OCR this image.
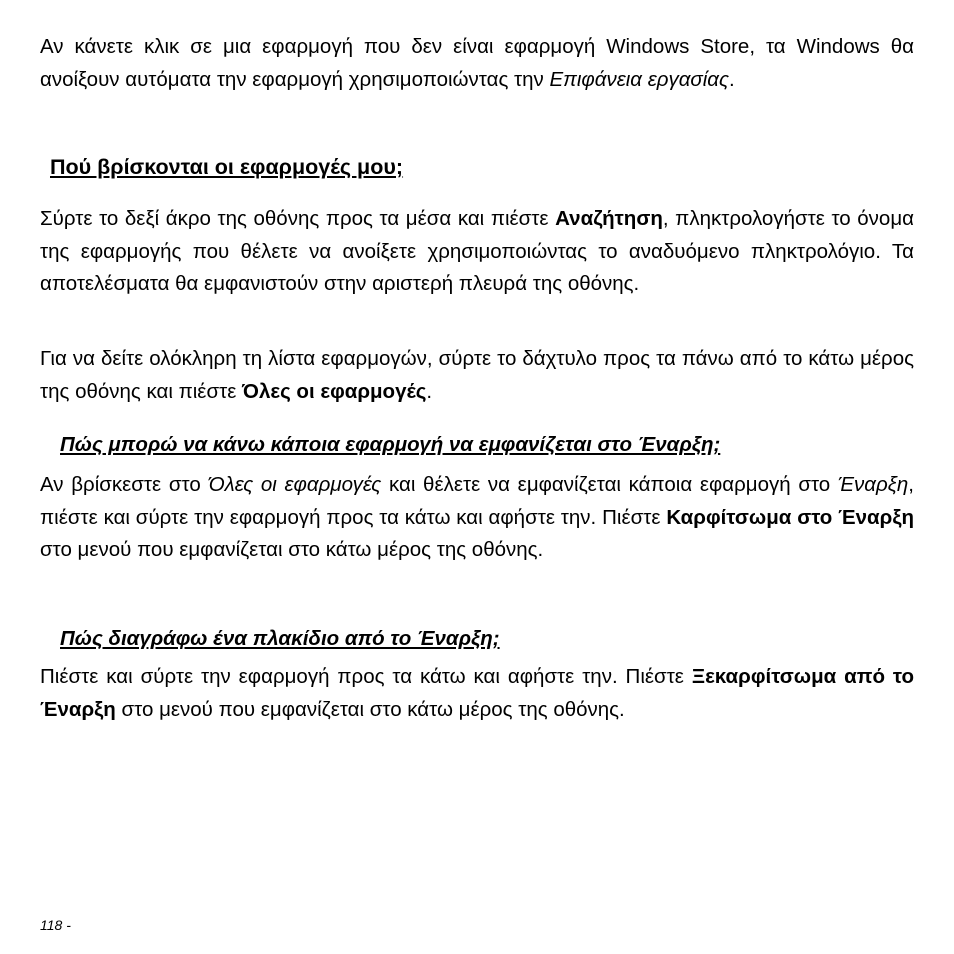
Αν κάνετε κλικ σε μια εφαρμογή που δεν είναι εφαρμογή Windows Store, τα Windows θα ανοίξουν αυτόματα την εφαρμογή χρησιμοποιώντας την Επιφάνεια εργασίας.

Πού βρίσκονται οι εφαρμογές μου;

Σύρτε το δεξί άκρο της οθόνης προς τα μέσα και πιέστε Αναζήτηση, πληκτρολογήστε το όνομα της εφαρμογής που θέλετε να ανοίξετε χρησιμοποιώντας το αναδυόμενο πληκτρολόγιο. Τα αποτελέσματα θα εμφανιστούν στην αριστερή πλευρά της οθόνης.

Για να δείτε ολόκληρη τη λίστα εφαρμογών, σύρτε το δάχτυλο προς τα πάνω από το κάτω μέρος της οθόνης και πιέστε Όλες οι εφαρμογές.

Πώς μπορώ να κάνω κάποια εφαρμογή να εμφανίζεται στο Έναρξη;

Αν βρίσκεστε στο Όλες οι εφαρμογές και θέλετε να εμφανίζεται κάποια εφαρμογή στο Έναρξη, πιέστε και σύρτε την εφαρμογή προς τα κάτω και αφήστε την. Πιέστε Καρφίτσωμα στο Έναρξη στο μενού που εμφανίζεται στο κάτω μέρος της οθόνης.

Πώς διαγράφω ένα πλακίδιο από το Έναρξη;

Πιέστε και σύρτε την εφαρμογή προς τα κάτω και αφήστε την. Πιέστε Ξεκαρφίτσωμα από το Έναρξη στο μενού που εμφανίζεται στο κάτω μέρος της οθόνης.

118 -
